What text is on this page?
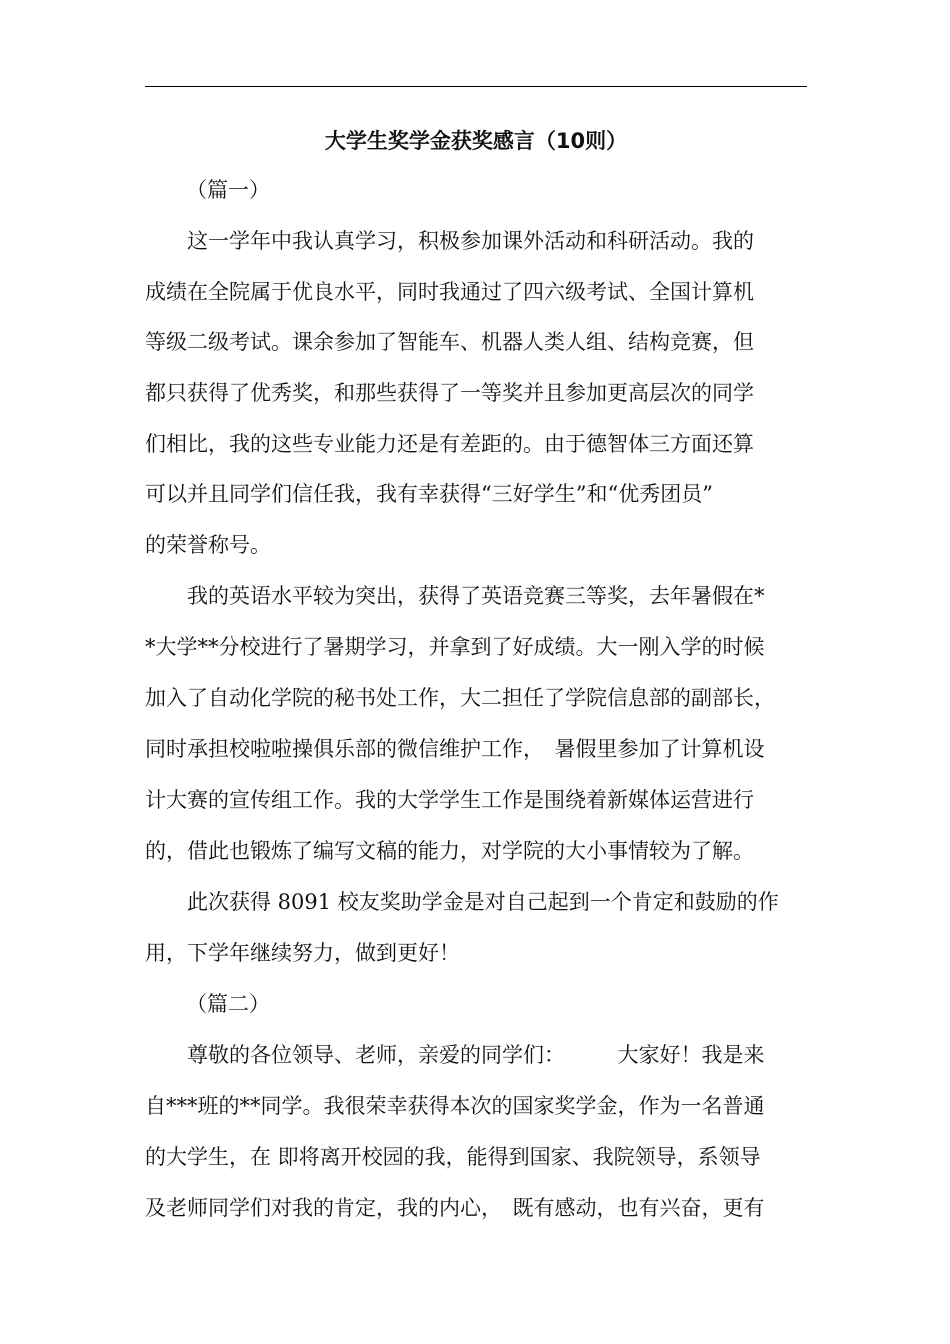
大学生奖学金获奖感言（10则）
（篇一）
　　这一学年中我认真学习，积极参加课外活动和科研活动。我的
成绩在全院属于优良水平，同时我通过了四六级考试、全国计算机
等级二级考试。课余参加了智能车、机器人类人组、结构竞赛，但
都只获得了优秀奖，和那些获得了一等奖并且参加更高层次的同学
们相比，我的这些专业能力还是有差距的。由于德智体三方面还算
可以并且同学们信任我，我有幸获得“三好学生”和“优秀团员”
的荣誉称号。
　　我的英语水平较为突出，获得了英语竞赛三等奖，去年暑假在*
*大学**分校进行了暑期学习，并拿到了好成绩。大一刚入学的时候
加入了自动化学院的秘书处工作，大二担任了学院信息部的副部长，
同时承担校啦啦操俱乐部的微信维护工作，　暑假里参加了计算机设
计大赛的宣传组工作。我的大学学生工作是围绕着新媒体运营进行
的，借此也锻炼了编写文稿的能力，对学院的大小事情较为了解。
　　此次获得 8091 校友奖助学金是对自己起到一个肯定和鼓励的作
用，下学年继续努力，做到更好！
（篇二）
　　尊敬的各位领导、老师，亲爱的同学们：　　　大家好！我是来
自***班的**同学。我很荣幸获得本次的国家奖学金，作为一名普通
的大学生，在 即将离开校园的我，能得到国家、我院领导，系领导
及老师同学们对我的肯定，我的内心，　既有感动，也有兴奋，更有
